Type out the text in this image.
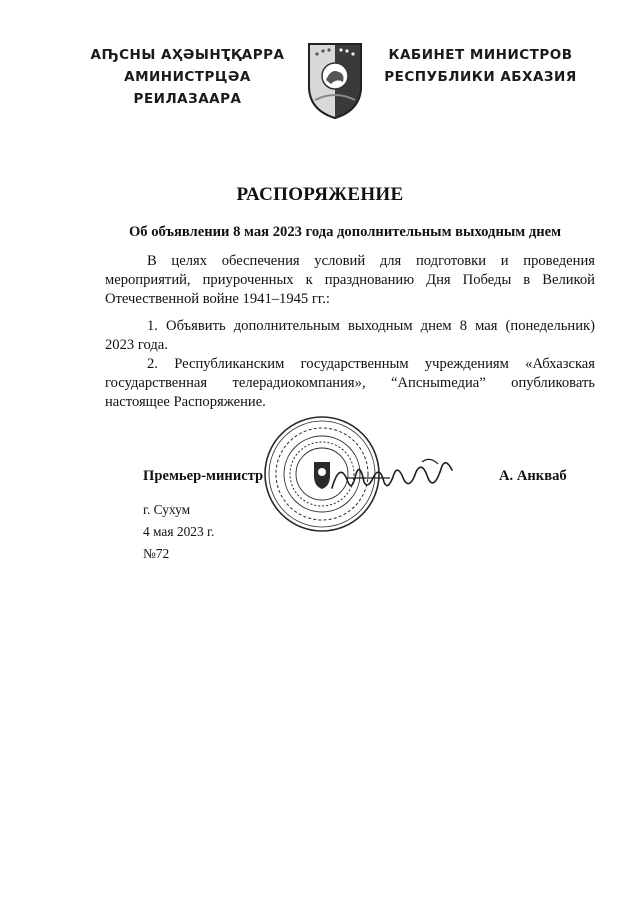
АҦСНЫ АҲӘЫНҬҚАРРА
АМИНИСТРЦӘА РЕИЛАЗААРА
КАБИНЕТ МИНИСТРОВ
РЕСПУБЛИКИ АБХАЗИЯ
РАСПОРЯЖЕНИЕ
Об объявлении 8 мая 2023 года дополнительным выходным днем

В целях обеспечения условий для подготовки и проведения мероприятий, приуроченных к празднованию Дня Победы в Великой Отечественной войне 1941–1945 гг.:

1. Объявить дополнительным выходным днем 8 мая (понедельник) 2023 года.

2. Республиканским государственным учреждениям «Абхазская государственная телерадиокомпания», “Апсныmедиа” опубликовать настоящее Распоряжение.

Премьер-министр	А. Анкваб
г. Сухум
4 мая 2023 г.
№72
